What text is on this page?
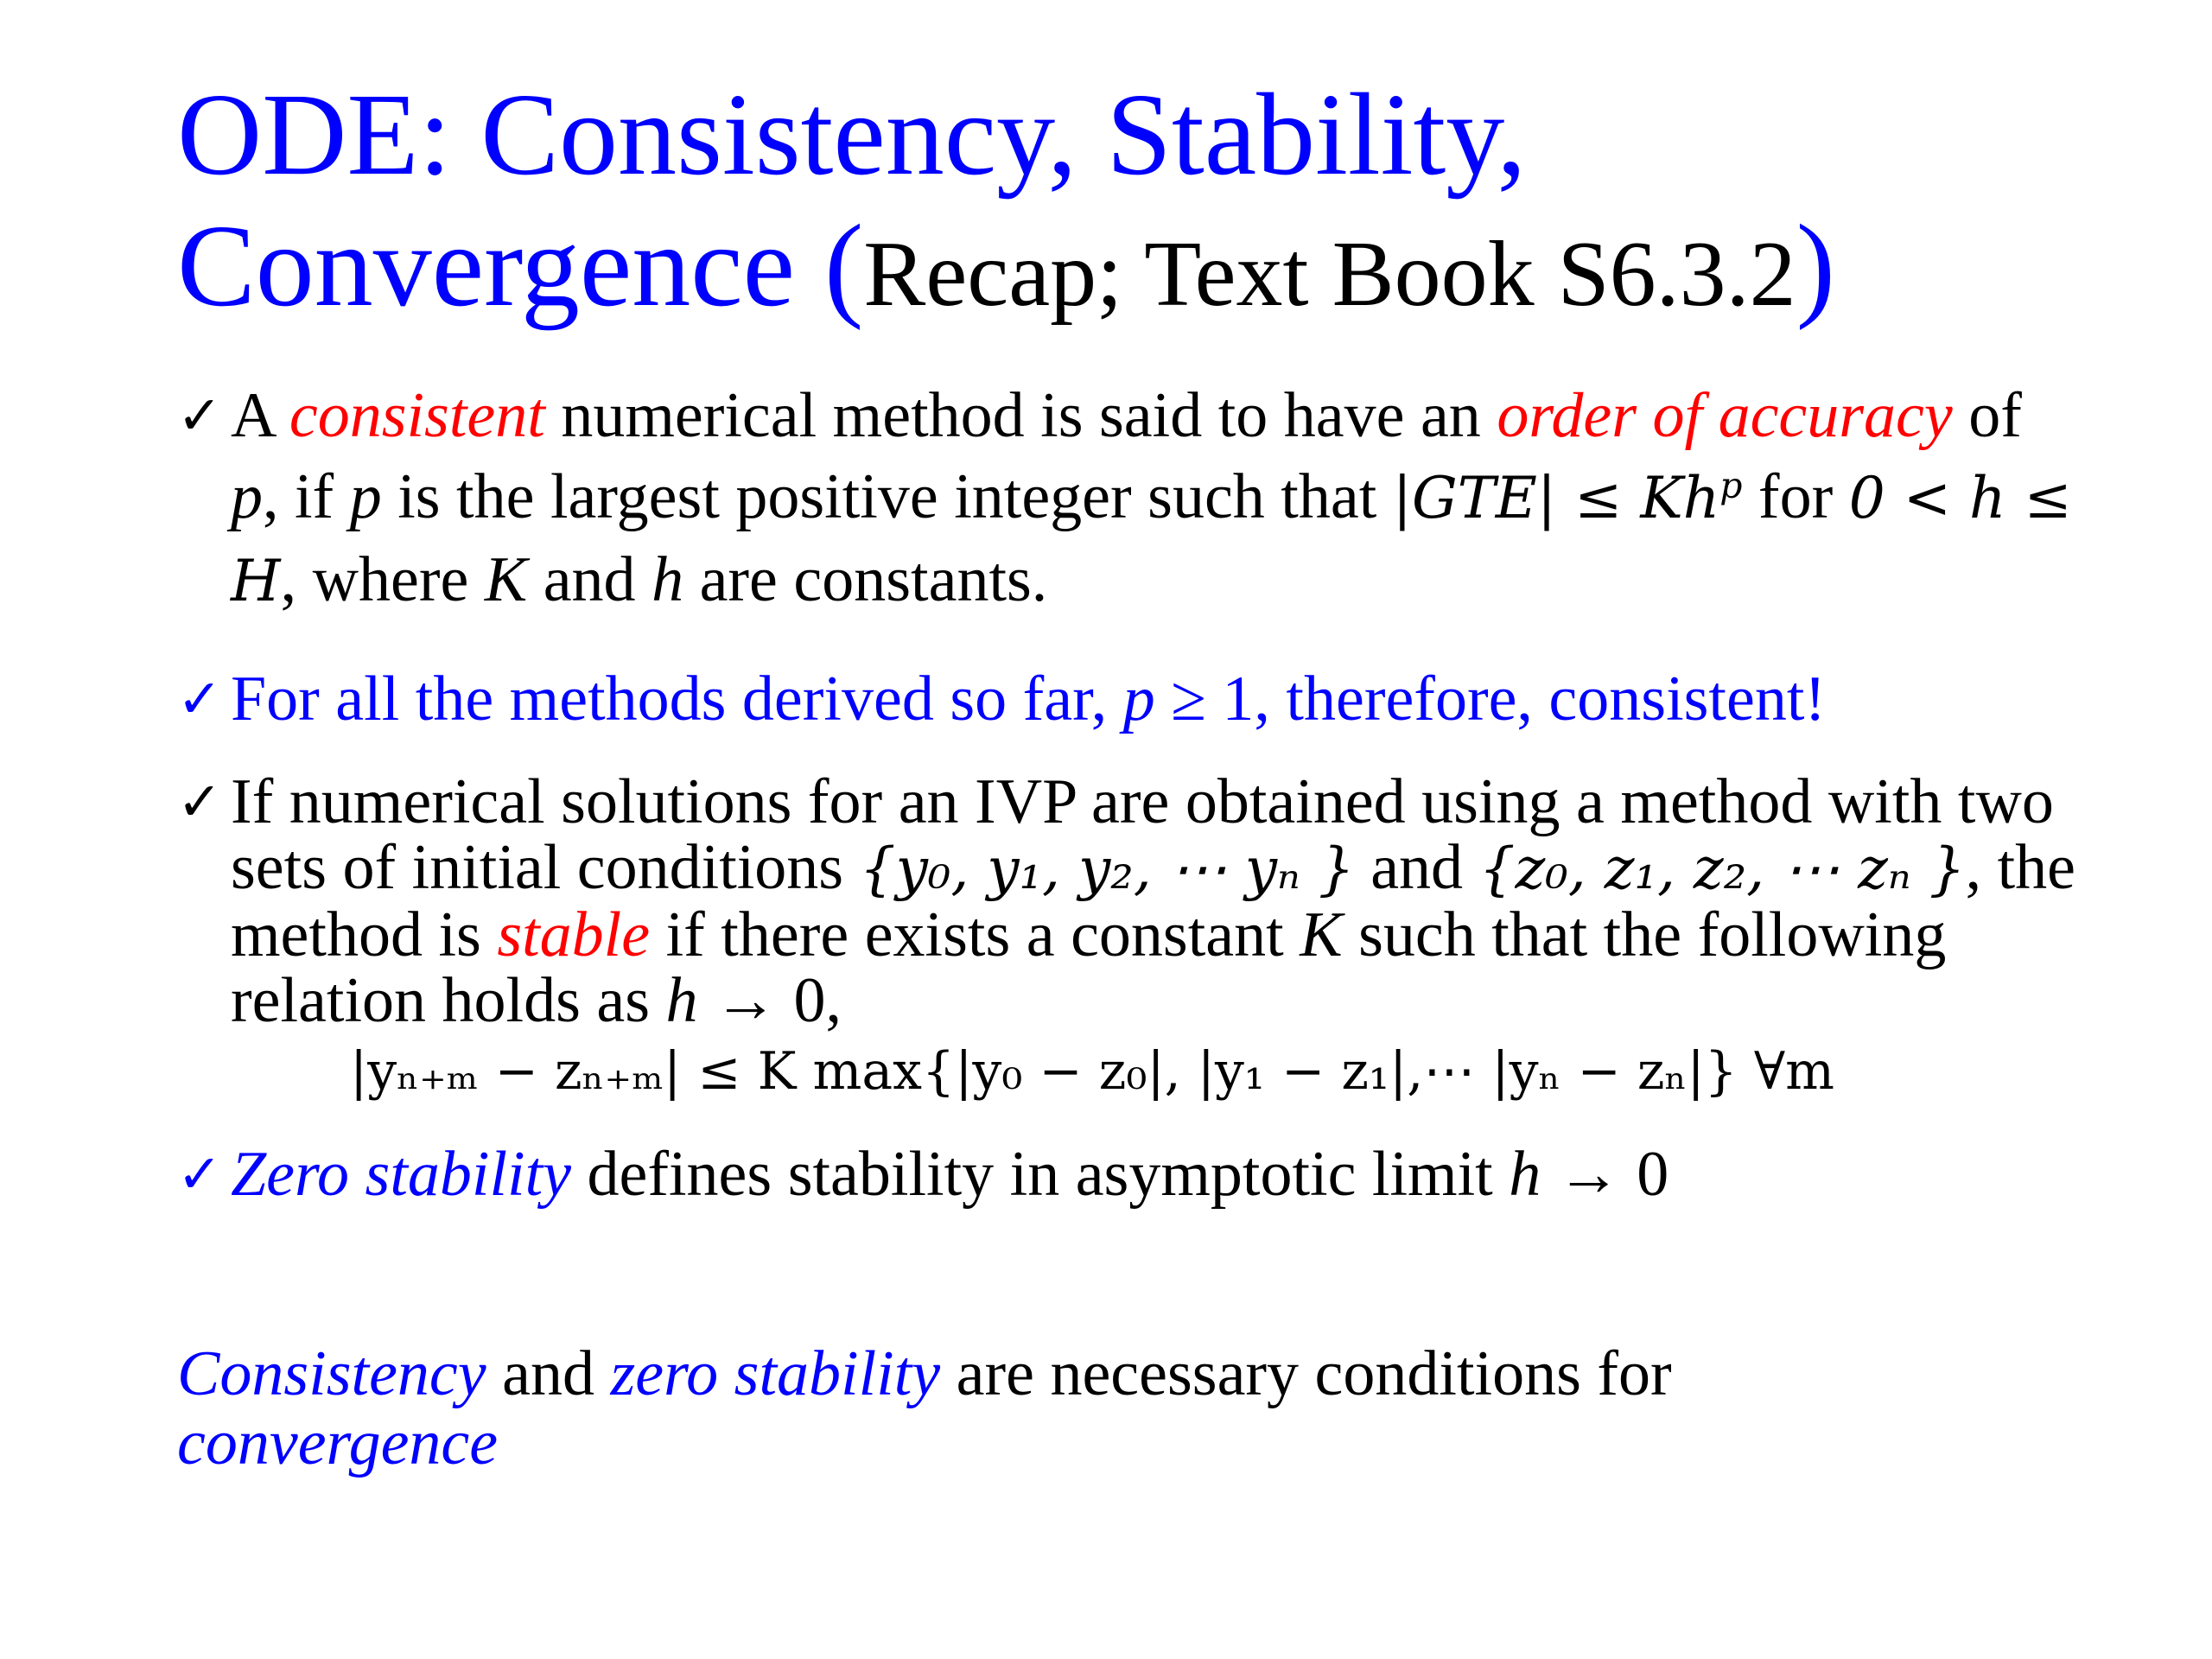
ODE: Consistency, Stability,
Convergence (Recap; Text Book S6.3.2)
✓ A consistent numerical method is said to have an order of accuracy of p, if p is the largest positive integer such that $|GTE| \le Kh^p$ for 0 < h ≤ H, where K and h are constants.
✓ For all the methods derived so far, p ≥ 1, therefore, consistent!
✓ If numerical solutions for an IVP are obtained using a method with two sets of initial conditions {y₀, y₁, y₂, ⋯ yₙ } and {z₀, z₁, z₂, ⋯ zₙ }, the method is stable if there exists a constant K such that the following relation holds as h → 0,
|yₙ₊ₘ − zₙ₊ₘ| ≤ K max{|y₀ − z₀|, |y₁ − z₁|,⋯ |yₙ − zₙ|} ∀m
✓ Zero stability defines stability in asymptotic limit h → 0
Consistency and zero stability are necessary conditions for
convergence
